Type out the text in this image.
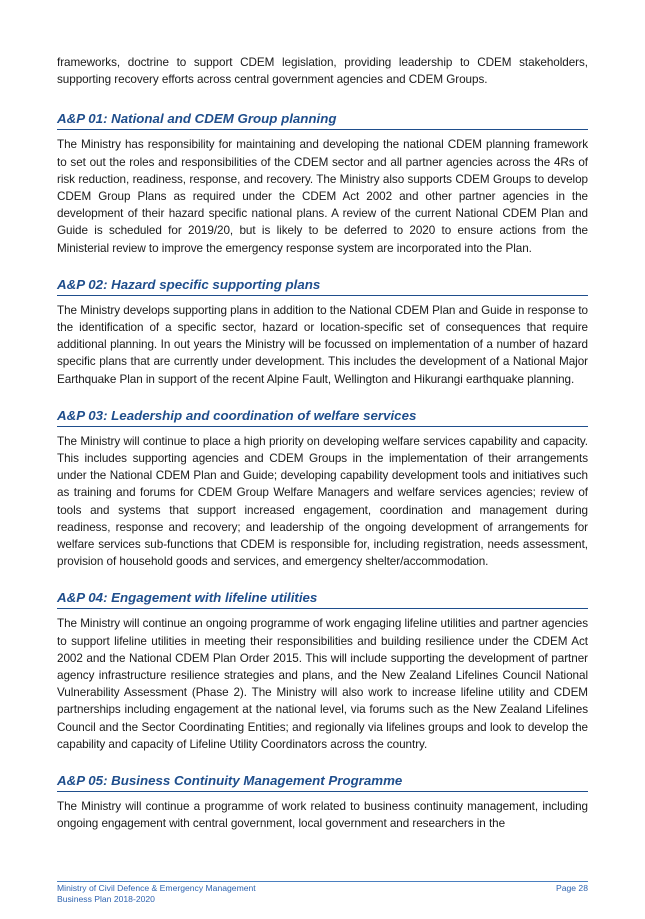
frameworks, doctrine to support CDEM legislation, providing leadership to CDEM stakeholders, supporting recovery efforts across central government agencies and CDEM Groups.

A&P 01: National and CDEM Group planning

The Ministry has responsibility for maintaining and developing the national CDEM planning framework to set out the roles and responsibilities of the CDEM sector and all partner agencies across the 4Rs of risk reduction, readiness, response, and recovery. The Ministry also supports CDEM Groups to develop CDEM Group Plans as required under the CDEM Act 2002 and other partner agencies in the development of their hazard specific national plans. A review of the current National CDEM Plan and Guide is scheduled for 2019/20, but is likely to be deferred to 2020 to ensure actions from the Ministerial review to improve the emergency response system are incorporated into the Plan.

A&P 02: Hazard specific supporting plans

The Ministry develops supporting plans in addition to the National CDEM Plan and Guide in response to the identification of a specific sector, hazard or location-specific set of consequences that require additional planning. In out years the Ministry will be focussed on implementation of a number of hazard specific plans that are currently under development. This includes the development of a National Major Earthquake Plan in support of the recent Alpine Fault, Wellington and Hikurangi earthquake planning.

A&P 03: Leadership and coordination of welfare services

The Ministry will continue to place a high priority on developing welfare services capability and capacity. This includes supporting agencies and CDEM Groups in the implementation of their arrangements under the National CDEM Plan and Guide; developing capability development tools and initiatives such as training and forums for CDEM Group Welfare Managers and welfare services agencies; review of tools and systems that support increased engagement, coordination and management during readiness, response and recovery; and leadership of the ongoing development of arrangements for welfare services sub-functions that CDEM is responsible for, including registration, needs assessment, provision of household goods and services, and emergency shelter/accommodation.

A&P 04: Engagement with lifeline utilities

The Ministry will continue an ongoing programme of work engaging lifeline utilities and partner agencies to support lifeline utilities in meeting their responsibilities and building resilience under the CDEM Act 2002 and the National CDEM Plan Order 2015. This will include supporting the development of partner agency infrastructure resilience strategies and plans, and the New Zealand Lifelines Council National Vulnerability Assessment (Phase 2). The Ministry will also work to increase lifeline utility and CDEM partnerships including engagement at the national level, via forums such as the New Zealand Lifelines Council and the Sector Coordinating Entities; and regionally via lifelines groups and look to develop the capability and capacity of Lifeline Utility Coordinators across the country.

A&P 05: Business Continuity Management Programme

The Ministry will continue a programme of work related to business continuity management, including ongoing engagement with central government, local government and researchers in the

Ministry of Civil Defence & Emergency Management	Page 28
Business Plan 2018-2020
